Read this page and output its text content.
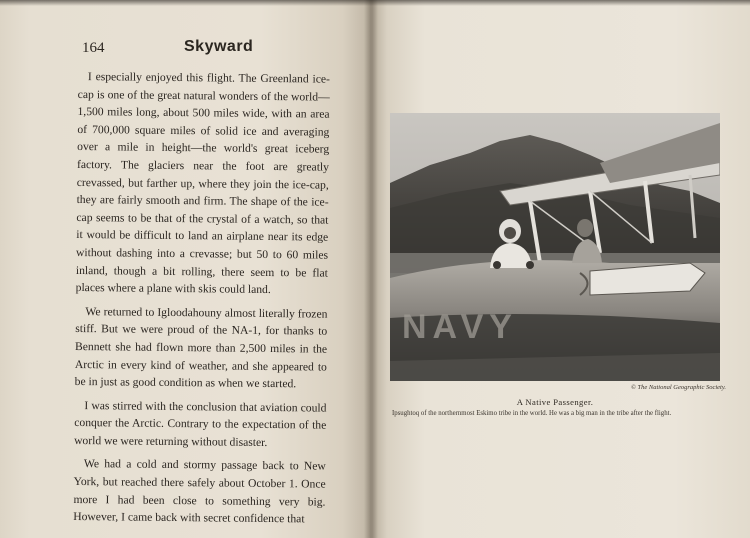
164	Skyward

I especially enjoyed this flight. The Greenland ice-cap is one of the great natural wonders of the world—1,500 miles long, about 500 miles wide, with an area of 700,000 square miles of solid ice and averaging over a mile in height—the world's great iceberg factory. The glaciers near the foot are greatly crevassed, but farther up, where they join the ice-cap, they are fairly smooth and firm. The shape of the ice-cap seems to be that of the crystal of a watch, so that it would be difficult to land an airplane near its edge without dashing into a crevasse; but 50 to 60 miles inland, though a bit rolling, there seem to be flat places where a plane with skis could land.

We returned to Igloodahouny almost literally frozen stiff. But we were proud of the NA-1, for thanks to Bennett she had flown more than 2,500 miles in the Arctic in every kind of weather, and she appeared to be in just as good condition as when we started.

I was stirred with the conclusion that aviation could conquer the Arctic. Contrary to the expectation of the world we were returning without disaster.

We had a cold and stormy passage back to New York, but reached there safely about October 1. Once more I had been close to something very big. However, I came back with secret confidence that

NAVY
© The National Geographic Society.
A Native Passenger.
Ipsughtoq of the northernmost Eskimo tribe in the world. He was a big man in the tribe after the flight.
